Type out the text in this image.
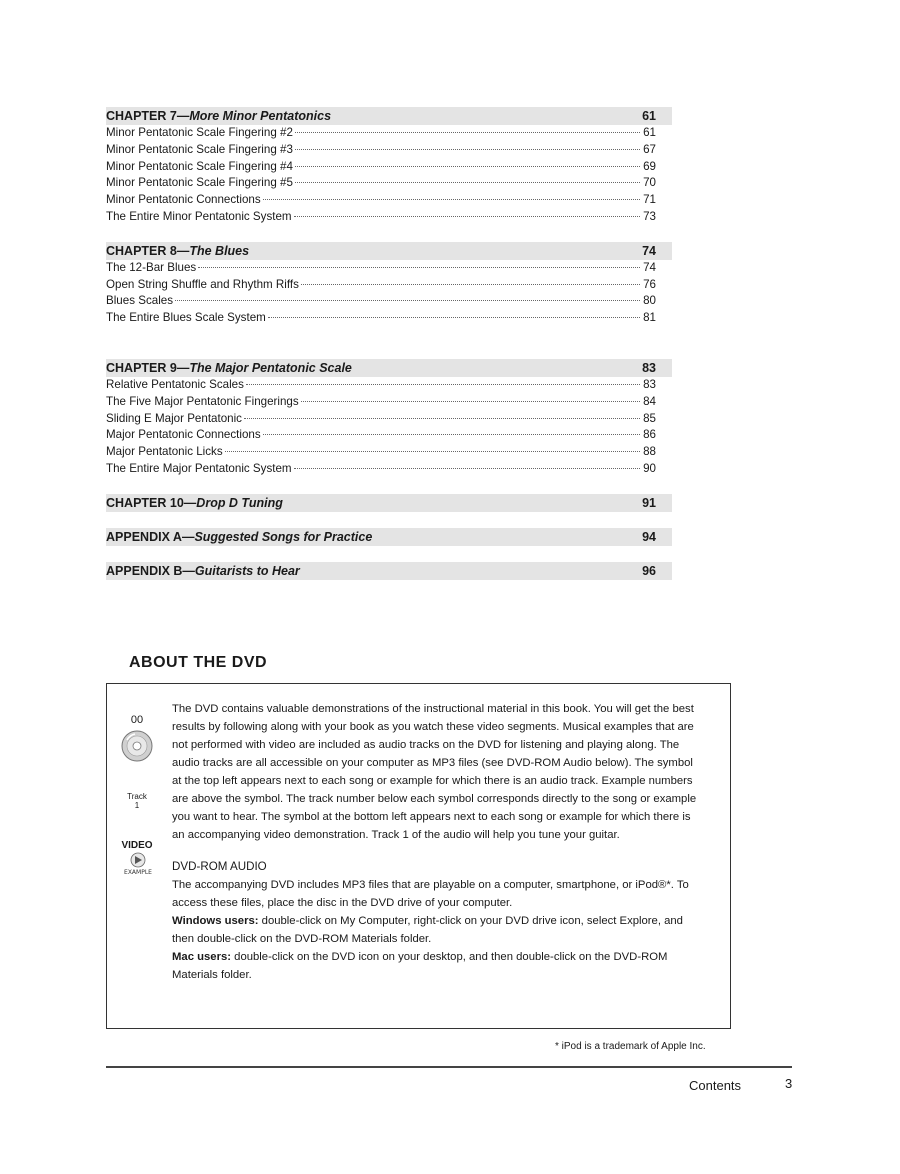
CHAPTER 7—More Minor Pentatonics	61
Minor Pentatonic Scale Fingering #2	61
Minor Pentatonic Scale Fingering #3	67
Minor Pentatonic Scale Fingering #4	69
Minor Pentatonic Scale Fingering #5	70
Minor Pentatonic Connections	71
The Entire Minor Pentatonic System	73
CHAPTER 8—The Blues	74
The 12-Bar Blues	74
Open String Shuffle and Rhythm Riffs	76
Blues Scales	80
The Entire Blues Scale System	81
CHAPTER 9—The Major Pentatonic Scale	83
Relative Pentatonic Scales	83
The Five Major Pentatonic Fingerings	84
Sliding E Major Pentatonic	85
Major Pentatonic Connections	86
Major Pentatonic Licks	88
The Entire Major Pentatonic System	90
CHAPTER 10—Drop D Tuning	91
APPENDIX A—Suggested Songs for Practice	94
APPENDIX B—Guitarists to Hear	96
ABOUT THE DVD
00
Track
1
VIDEO
EXAMPLE

The DVD contains valuable demonstrations of the instructional material in this book. You will get the best results by following along with your book as you watch these video segments. Musical examples that are not performed with video are included as audio tracks on the DVD for listening and playing along. The audio tracks are all accessible on your computer as MP3 files (see DVD-ROM Audio below). The symbol at the top left appears next to each song or example for which there is an audio track. Example numbers are above the symbol. The track number below each symbol corresponds directly to the song or example you want to hear. The symbol at the bottom left appears next to each song or example for which there is an accompanying video demonstration. Track 1 of the audio will help you tune your guitar.

DVD-ROM AUDIO

The accompanying DVD includes MP3 files that are playable on a computer, smartphone, or iPod®*. To access these files, place the disc in the DVD drive of your computer.

Windows users: double-click on My Computer, right-click on your DVD drive icon, select Explore, and then double-click on the DVD-ROM Materials folder.

Mac users: double-click on the DVD icon on your desktop, and then double-click on the DVD-ROM Materials folder.

* iPod is a trademark of Apple Inc.
Contents	3
